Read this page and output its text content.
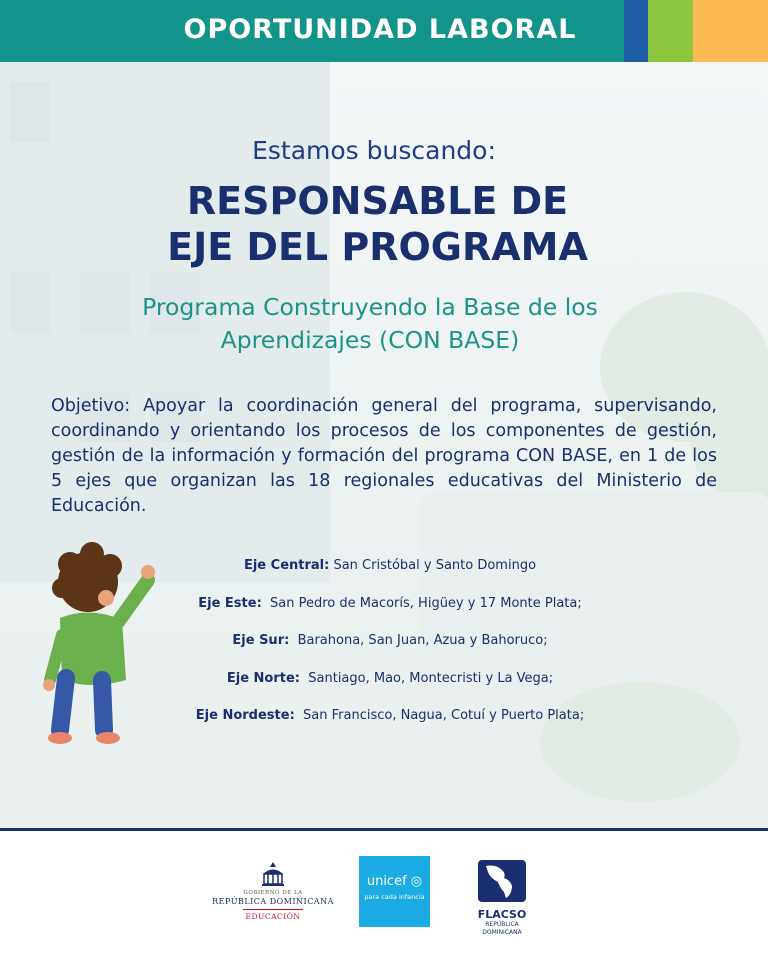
OPORTUNIDAD LABORAL
Estamos buscando:
RESPONSABLE DE
EJE DEL PROGRAMA
Programa Construyendo la Base de los
Aprendizajes (CON BASE)
Objetivo: Apoyar la coordinación general del programa, supervisando, coordinando y orientando los procesos de los componentes de gestión, gestión de la información y formación del programa CON BASE, en 1 de los 5 ejes que organizan las 18 regionales educativas del Ministerio de Educación.
Eje Central: San Cristóbal y Santo Domingo
Eje Este: San Pedro de Macorís, Higüey y 17 Monte Plata;
Eje Sur: Barahona, San Juan, Azua y Bahoruco;
Eje Norte: Santiago, Mao, Montecristi y La Vega;
Eje Nordeste: San Francisco, Nagua, Cotuí y Puerto Plata;
GOBIERNO DE LA
REPÚBLICA DOMINICANA
EDUCACIÓN
unicef ◎
para cada infancia
FLACSO
REPÚBLICA
DOMINICANA
